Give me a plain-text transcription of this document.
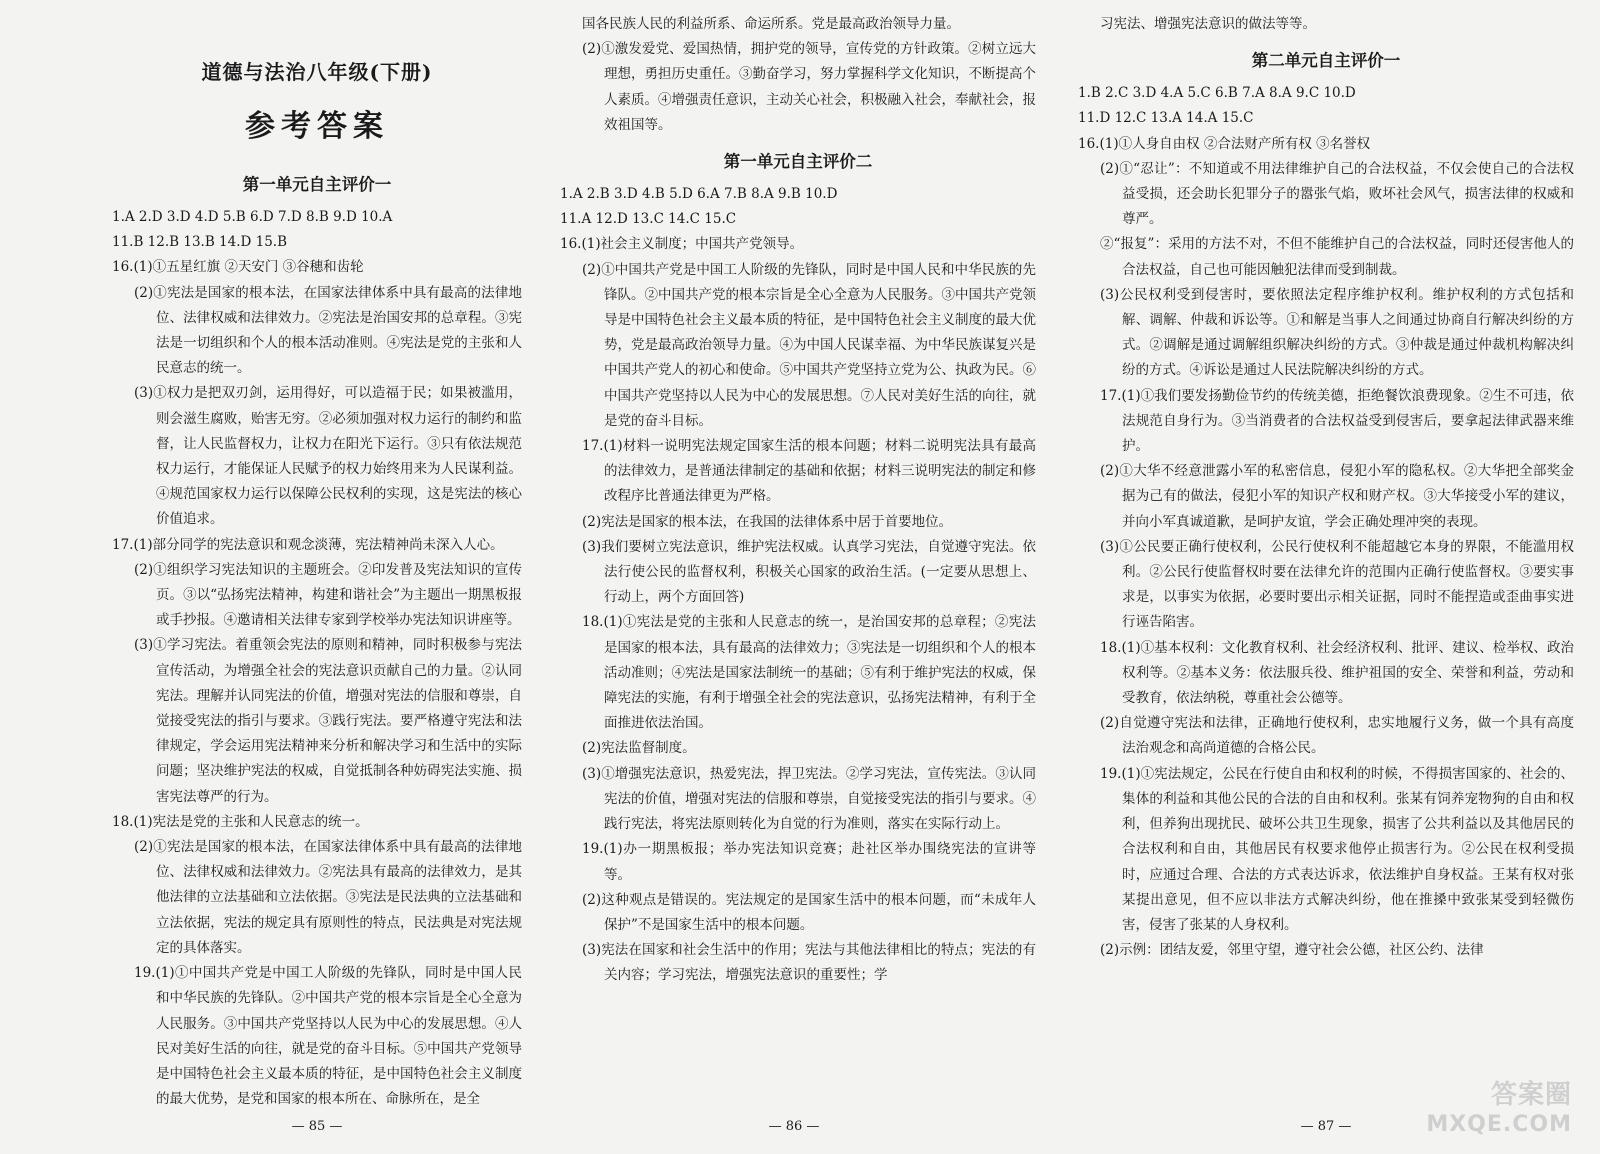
道德与法治八年级(下册)
参考答案
第一单元自主评价一

1.A 2.D 3.D 4.D 5.B 6.D 7.D 8.B 9.D 10.A

11.B 12.B 13.B 14.D 15.B

16.(1)①五星红旗 ②天安门 ③谷穗和齿轮

(2)①宪法是国家的根本法，在国家法律体系中具有最高的法律地位、法律权威和法律效力。②宪法是治国安邦的总章程。③宪法是一切组织和个人的根本活动准则。④宪法是党的主张和人民意志的统一。

(3)①权力是把双刃剑，运用得好，可以造福于民；如果被滥用，则会滋生腐败，贻害无穷。②必须加强对权力运行的制约和监督，让人民监督权力，让权力在阳光下运行。③只有依法规范权力运行，才能保证人民赋予的权力始终用来为人民谋利益。④规范国家权力运行以保障公民权利的实现，这是宪法的核心价值追求。

17.(1)部分同学的宪法意识和观念淡薄，宪法精神尚未深入人心。

(2)①组织学习宪法知识的主题班会。②印发普及宪法知识的宣传页。③以“弘扬宪法精神，构建和谐社会”为主题出一期黑板报或手抄报。④邀请相关法律专家到学校举办宪法知识讲座等。

(3)①学习宪法。着重领会宪法的原则和精神，同时积极参与宪法宣传活动，为增强全社会的宪法意识贡献自己的力量。②认同宪法。理解并认同宪法的价值，增强对宪法的信服和尊崇，自觉接受宪法的指引与要求。③践行宪法。要严格遵守宪法和法律规定，学会运用宪法精神来分析和解决学习和生活中的实际问题；坚决维护宪法的权威，自觉抵制各种妨碍宪法实施、损害宪法尊严的行为。

18.(1)宪法是党的主张和人民意志的统一。

(2)①宪法是国家的根本法，在国家法律体系中具有最高的法律地位、法律权威和法律效力。②宪法具有最高的法律效力，是其他法律的立法基础和立法依据。③宪法是民法典的立法基础和立法依据，宪法的规定具有原则性的特点，民法典是对宪法规定的具体落实。

19.(1)①中国共产党是中国工人阶级的先锋队，同时是中国人民和中华民族的先锋队。②中国共产党的根本宗旨是全心全意为人民服务。③中国共产党坚持以人民为中心的发展思想。④人民对美好生活的向往，就是党的奋斗目标。⑤中国共产党领导是中国特色社会主义最本质的特征，是中国特色社会主义制度的最大优势，是党和国家的根本所在、命脉所在，是全

— 85 —

国各民族人民的利益所系、命运所系。党是最高政治领导力量。

(2)①激发爱党、爱国热情，拥护党的领导，宣传党的方针政策。②树立远大理想，勇担历史重任。③勤奋学习，努力掌握科学文化知识，不断提高个人素质。④增强责任意识，主动关心社会，积极融入社会，奉献社会，报效祖国等。

第一单元自主评价二

1.A 2.B 3.D 4.B 5.D 6.A 7.B 8.A 9.B 10.D

11.A 12.D 13.C 14.C 15.C

16.(1)社会主义制度；中国共产党领导。

(2)①中国共产党是中国工人阶级的先锋队，同时是中国人民和中华民族的先锋队。②中国共产党的根本宗旨是全心全意为人民服务。③中国共产党领导是中国特色社会主义最本质的特征，是中国特色社会主义制度的最大优势，党是最高政治领导力量。④为中国人民谋幸福、为中华民族谋复兴是中国共产党人的初心和使命。⑤中国共产党坚持立党为公、执政为民。⑥中国共产党坚持以人民为中心的发展思想。⑦人民对美好生活的向往，就是党的奋斗目标。

17.(1)材料一说明宪法规定国家生活的根本问题；材料二说明宪法具有最高的法律效力，是普通法律制定的基础和依据；材料三说明宪法的制定和修改程序比普通法律更为严格。

(2)宪法是国家的根本法，在我国的法律体系中居于首要地位。

(3)我们要树立宪法意识，维护宪法权威。认真学习宪法，自觉遵守宪法。依法行使公民的监督权利，积极关心国家的政治生活。(一定要从思想上、行动上，两个方面回答)

18.(1)①宪法是党的主张和人民意志的统一，是治国安邦的总章程；②宪法是国家的根本法，具有最高的法律效力；③宪法是一切组织和个人的根本活动准则；④宪法是国家法制统一的基础；⑤有利于维护宪法的权威，保障宪法的实施，有利于增强全社会的宪法意识，弘扬宪法精神，有利于全面推进依法治国。

(2)宪法监督制度。

(3)①增强宪法意识，热爱宪法，捍卫宪法。②学习宪法，宣传宪法。③认同宪法的价值，增强对宪法的信服和尊崇，自觉接受宪法的指引与要求。④践行宪法，将宪法原则转化为自觉的行为准则，落实在实际行动上。

19.(1)办一期黑板报；举办宪法知识竞赛；赴社区举办围绕宪法的宣讲等等。

(2)这种观点是错误的。宪法规定的是国家生活中的根本问题，而“未成年人保护”不是国家生活中的根本问题。

(3)宪法在国家和社会生活中的作用；宪法与其他法律相比的特点；宪法的有关内容；学习宪法，增强宪法意识的重要性；学

— 86 —

习宪法、增强宪法意识的做法等等。

第二单元自主评价一

1.B 2.C 3.D 4.A 5.C 6.B 7.A 8.A 9.C 10.D

11.D 12.C 13.A 14.A 15.C

16.(1)①人身自由权 ②合法财产所有权 ③名誉权

(2)①“忍让”：不知道或不用法律维护自己的合法权益，不仅会使自己的合法权益受损，还会助长犯罪分子的嚣张气焰，败坏社会风气，损害法律的权威和尊严。

②“报复”：采用的方法不对，不但不能维护自己的合法权益，同时还侵害他人的合法权益，自己也可能因触犯法律而受到制裁。

(3)公民权利受到侵害时，要依照法定程序维护权利。维护权利的方式包括和解、调解、仲裁和诉讼等。①和解是当事人之间通过协商自行解决纠纷的方式。②调解是通过调解组织解决纠纷的方式。③仲裁是通过仲裁机构解决纠纷的方式。④诉讼是通过人民法院解决纠纷的方式。

17.(1)①我们要发扬勤俭节约的传统美德，拒绝餐饮浪费现象。②生不可违，依法规范自身行为。③当消费者的合法权益受到侵害后，要拿起法律武器来维护。

(2)①大华不经意泄露小军的私密信息，侵犯小军的隐私权。②大华把全部奖金据为己有的做法，侵犯小军的知识产权和财产权。③大华接受小军的建议，并向小军真诚道歉，是呵护友谊，学会正确处理冲突的表现。

(3)①公民要正确行使权利，公民行使权利不能超越它本身的界限，不能滥用权利。②公民行使监督权时要在法律允许的范围内正确行使监督权。③要实事求是，以事实为依据，必要时要出示相关证据，同时不能捏造或歪曲事实进行诬告陷害。

18.(1)①基本权利：文化教育权利、社会经济权利、批评、建议、检举权、政治权利等。②基本义务：依法服兵役、维护祖国的安全、荣誉和利益，劳动和受教育，依法纳税，尊重社会公德等。

(2)自觉遵守宪法和法律，正确地行使权利，忠实地履行义务，做一个具有高度法治观念和高尚道德的合格公民。

19.(1)①宪法规定，公民在行使自由和权利的时候，不得损害国家的、社会的、集体的利益和其他公民的合法的自由和权利。张某有饲养宠物狗的自由和权利，但养狗出现扰民、破坏公共卫生现象，损害了公共利益以及其他居民的合法权利和自由，其他居民有权要求他停止损害行为。②公民在权利受损时，应通过合理、合法的方式表达诉求，依法维护自身权益。王某有权对张某提出意见，但不应以非法方式解决纠纷，他在推搡中致张某受到轻微伤害，侵害了张某的人身权利。

(2)示例：团结友爱，邻里守望，遵守社会公德，社区公约、法律

— 87 —
答案圈
MXQE.COM
